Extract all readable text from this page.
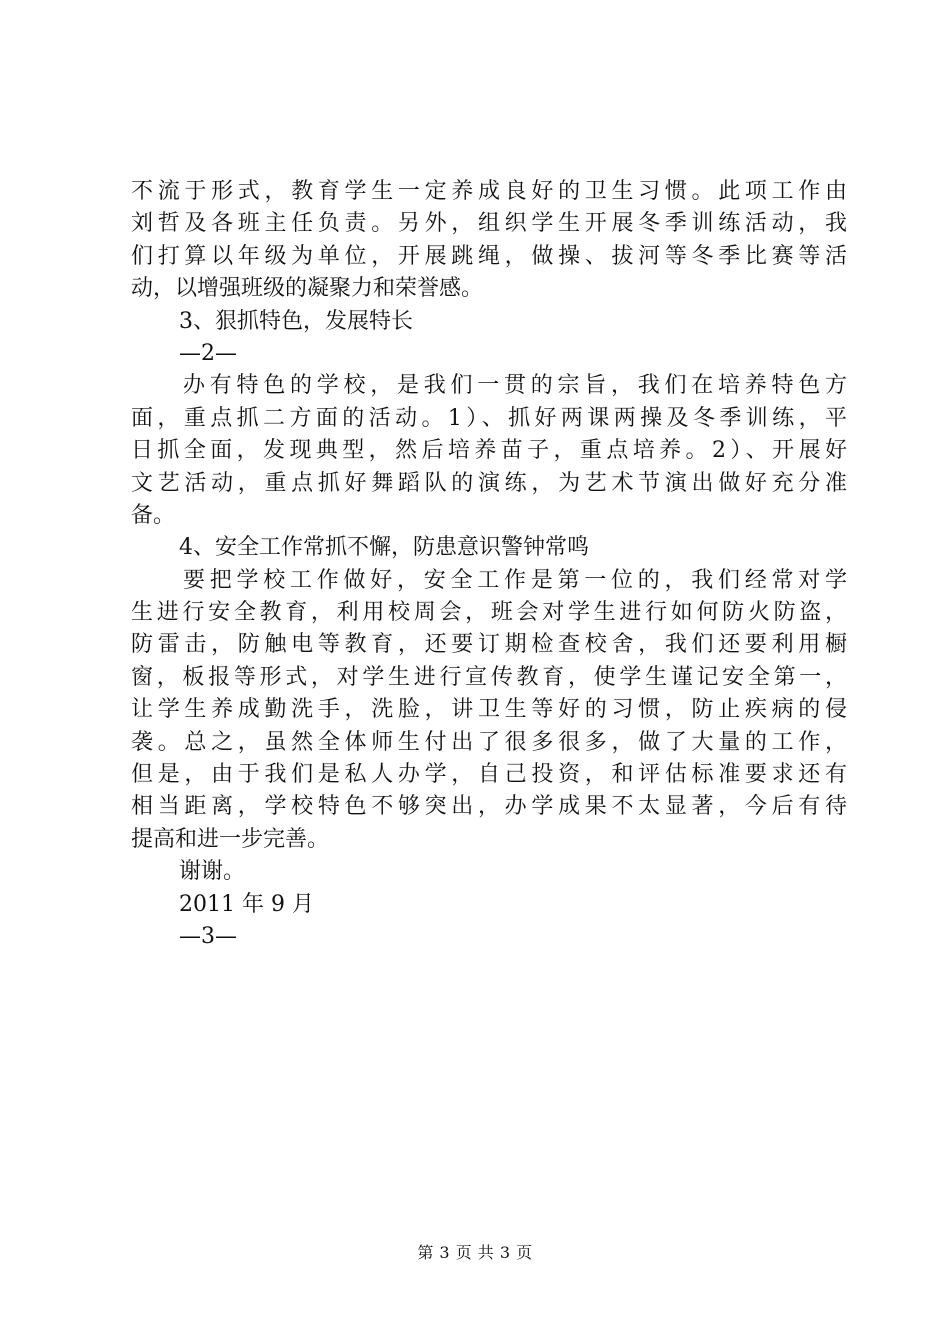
不流于形式，教育学生一定养成良好的卫生习惯。此项工作由
刘哲及各班主任负责。另外，组织学生开展冬季训练活动，我
们打算以年级为单位，开展跳绳，做操、拔河等冬季比赛等活
动，以增强班级的凝聚力和荣誉感。
3、狠抓特色，发展特长
—2—
办有特色的学校，是我们一贯的宗旨，我们在培养特色方
面，重点抓二方面的活动。1）、抓好两课两操及冬季训练，平
日抓全面，发现典型，然后培养苗子，重点培养。2）、开展好
文艺活动，重点抓好舞蹈队的演练，为艺术节演出做好充分准
备。
4、安全工作常抓不懈，防患意识警钟常鸣
要把学校工作做好，安全工作是第一位的，我们经常对学
生进行安全教育，利用校周会，班会对学生进行如何防火防盗，
防雷击，防触电等教育，还要订期检查校舍，我们还要利用橱
窗，板报等形式，对学生进行宣传教育，使学生谨记安全第一，
让学生养成勤洗手，洗脸，讲卫生等好的习惯，防止疾病的侵
袭。总之，虽然全体师生付出了很多很多，做了大量的工作，
但是，由于我们是私人办学，自己投资，和评估标准要求还有
相当距离，学校特色不够突出，办学成果不太显著，今后有待
提高和进一步完善。
谢谢。
2011 年 9 月
—3—
第 3 页 共 3 页
